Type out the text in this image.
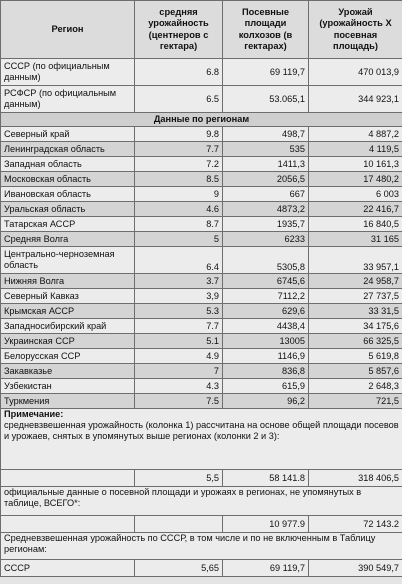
Регион	средняя урожайность (центнеров с гектара)	Посевные площади колхозов (в гектарах)	Урожай (урожайность X посевная площадь)
СССР (по официальным данным)	6.8	69 119,7	470 013,9
РСФСР (по официальным данным)	6.5	53.065,1	344 923,1
Данные по регионам			
Северный край	9.8	498,7	4 887,2
Ленинградская область	7.7	535	4 119,5
Западная область	7.2	1411,3	10 161,3
Московская область	8.5	2056,5	17 480,2
Ивановская область	9	667	6 003
Уральская область	4.6	4873,2	22 416,7
Татарская АССР	8.7	1935,7	16 840,5
Средняя Волга	5	6233	31 165
Центрально-черноземная область	6.4	5305,8	33 957,1
Нижняя Волга	3.7	6745,6	24 958,7
Северный Кавказ	3,9	7112,2	27 737,5
Крымская АССР	5.3	629,6	33 31,5
Западносибирский край	7.7	4438,4	34 175,6
Украинская ССР	5.1	13005	66 325,5
Белорусская ССР	4.9	1146,9	5 619,8
Закавказье	7	836,8	5 857,6
Узбекистан	4.3	615,9	2 648,3
Туркмения	7.5	96,2	721,5

Примечание:
средневзвешенная урожайность (колонка 1) рассчитана на основе общей площади посевов и урожаев, снятых в упомянутых выше регионах (колонки 2 и 3):			

	5,5	58 141.8	318 406,5
официальные данные о посевной площади и урожаях в регионах, не упомянутых в таблице, ВСЕГО*:			
		10 977.9	72 143.2
Средневзвешенная урожайность по СССР, в том числе и по не включенным в Таблицу регионам:			
СССР	5,65	69 119,7	390 549,7
